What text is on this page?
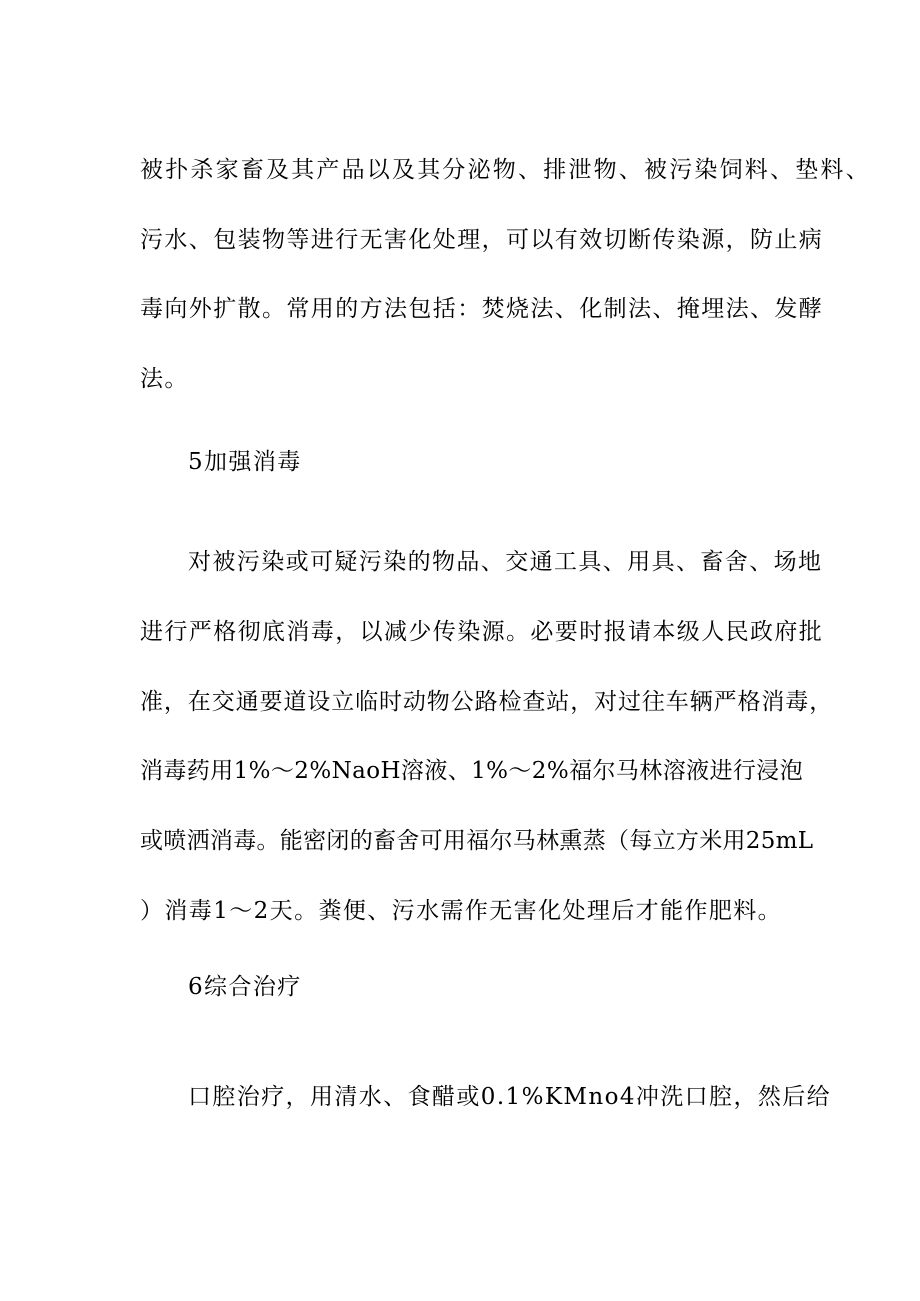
被扑杀家畜及其产品以及其分泌物、排泄物、被污染饲料、垫料、
污水、包装物等进行无害化处理，可以有效切断传染源，防止病
毒向外扩散。常用的方法包括：焚烧法、化制法、掩埋法、发酵
法。
5加强消毒
对被污染或可疑污染的物品、交通工具、用具、畜舍、场地
进行严格彻底消毒，以减少传染源。必要时报请本级人民政府批
准，在交通要道设立临时动物公路检查站，对过往车辆严格消毒，
消毒药用1%～2%NaoH溶液、1%～2%福尔马林溶液进行浸泡
或喷洒消毒。能密闭的畜舍可用福尔马林熏蒸（每立方米用25mL
）消毒1～2天。粪便、污水需作无害化处理后才能作肥料。
6综合治疗
口腔治疗，用清水、食醋或0.1%KMno4冲洗口腔，然后给
